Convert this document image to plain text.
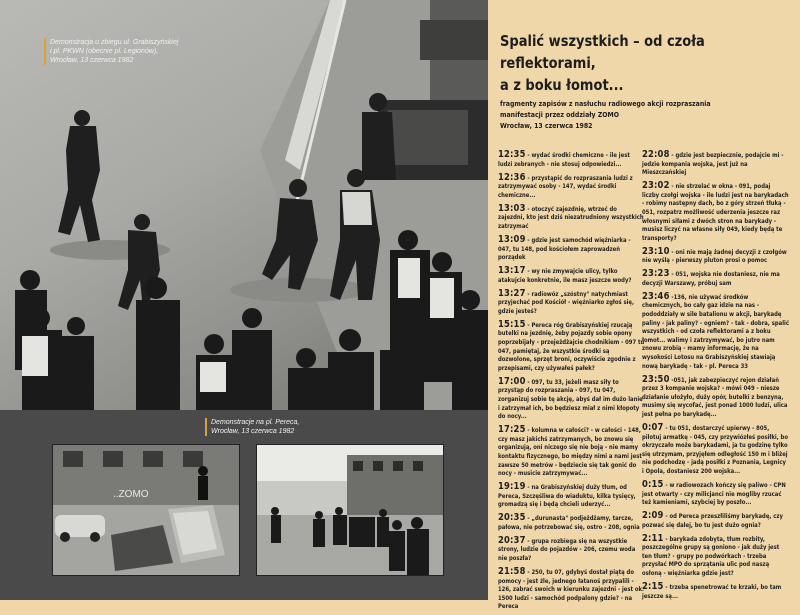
Demonstracja u zbiegu ul. Grabiszyńskiej
i pl. PKWN (obecnie pl. Legionów),
Wrocław, 13 czerwca 1982
Demonstracje na pl. Pereca,
Wrocław, 13 czerwca 1982
..ZOMO
Spalić wszystkich – od czoła reflektorami,
a z boku łomot...
fragmenty zapisów z nasłuchu radiowego akcji rozpraszania
manifestacji przez oddziały ZOMO
Wrocław, 13 czerwca 1982
12:35 - wydać środki chemiczne - ile jest ludzi zebranych - nie stosuj odpowiedzi...
12:36 - przystąpić do rozpraszania ludzi z zatrzymywać osoby - 147, wydać środki chemiczne...
13:03 - otoczyć zajezdnię, wtrzeć do zajezdni, kto jest dziś niezatrudniony wszystkich zatrzymać
13:09 - gdzie jest samochód więźniarka - 047, tu 148, pod kościołem zaprowadzeń porządek
13:17 - wy nie zmywajcie ulicy, tylko atakujcie konkretnie, ile masz jeszcze wody?
13:27 - radiowóz „szóstny" natychmiast przyjechać pod Kościół - więźniarko zgłoś się, gdzie jesteś?
15:15 - Pereca róg Grabiszyńskiej rzucają butelki na jezdnię, żeby pojazdy sobie opony poprzebijały - przejeżdżajcie chodnikiem - 097 tu 047, pamiętaj, że wszystkie środki są dozwolone, sprzęt broni, oczywiście zgodnie z przepisami, czy używałeś pałek?
17:00 - 097, tu 33, jeżeli masz siły to przystąp do rozpraszania - 097, tu 047, zorganizuj sobie tę akcję, abyś dał im dużo lanie i zatrzymał ich, bo będziesz miał z nimi kłopoty do nocy...
17:25 - kolumna w całości? - w całości - 148, czy masz jakichś zatrzymanych, bo znowu się organizują, oni niczego się nie boją - nie mamy kontaktu fizycznego, bo między nimi a nami jest zawsze 50 metrów - będziecie się tak gonić do nocy - musicie zatrzymywać...
19:19 - na Grabiszyńskiej duży tłum, od Pereca, Szczęśliwa do wiaduktu, kilka tysięcy, gromadzą się i będą chcieli uderzyć...
20:35 - „durunasta" podjeżdżamy, tarcze, pałowa, nie potrzebować się, ostro - 208, ognia
20:37 - grupa rozbiega się na wszystkie strony, ludzie do pojazdów - 206, czemu woda nie poszła?
21:58 - 250, tu 07, gdybyś dostał piątą do pomocy - jest źle, jednego łatanoś przypalili - 126, zabrać swoich w kierunku zajezdni - jest ok. 1500 ludzi - samochód podpalony gdzie? - na Pereca
22:08 - gdzie jest bezpiecznie, podajcie mi - jedzie kompania wojska, jest już na Mieszczańskiej
23:02 - nie strzelać w okna - 091, podaj liczby czołgi wojska - ile ludzi jest na barykadach - robimy następny dach, bo z góry strzeń tłuką - 051, rozpatrz możliwość uderzenia jeszcze raz włosnymi siłami z dwóch stron na barykady - musisz liczyć na własne siły 049, kiedy będą te transporty?
23:10 - oni nie mają żadnej decyzji z czołgów nie wyślą - pierwszy pluton prosi o pomoc
23:23 - 051, wojska nie dostaniesz, nie ma decyzji Warszawy, próbuj sam
23:46 -136, nie używać środków chemicznych, bo cały gaz idzie na nas - pododdziały w sile batalionu w akcji, barykadę paliny - jak paliny? - ogniem? - tak - dobra, spalić wszystkich - od czoła reflektorami a z boku łomot... walimy i zatrzymywać, bo jutro nam znowu zrobią - mamy informację, że na wysokości Lotosu na Grabiszyńskiej stawiają nową barykadę - tak - pl. Pereca 33
23:50 -051, jak zabezpieczyć rejon działań przez 3 kompanie wojska? - mówi 049 - niesze działanie ułożyło, duży opór, butelki z benzyną, musimy się wycofać, jest ponad 1000 ludzi, ulica jest pełna po barykadę...
0:07 - tu 051, dostarczyć upierwy - 805, pilotuj armatkę - 045, czy przywiózłeś posiłki, bo okrzyczało może barykadami, ja tu godzinę tylko się utrzymam, przyjęłem odległość 150 m i bliżej nie podchodzę - jadą posiłki z Poznania, Legnicy i Opola, dostaniesz 200 wojska...
0:15 - w radiowozach kończy się paliwo - CPN jest otwarty - czy milicjanci nie mogliby rzucać też kamieniami, szybciej by poszło...
2:09 - od Pereca przeszłiliśmy barykadę, czy pozwać się dalej, bo tu jest dużo ognia?
2:11 - barykada zdobyta, tłum rozbity, poszczególne grupy są goniono - jak duży jest ten tłum? - grupy po podwórkach - trzeba przysłać MPO do sprzątania ulic pod naszą osłoną - więźniarka gdzie jest?
2:15 - trzeba spenetrować te krzaki, bo tam jeszcze są...
